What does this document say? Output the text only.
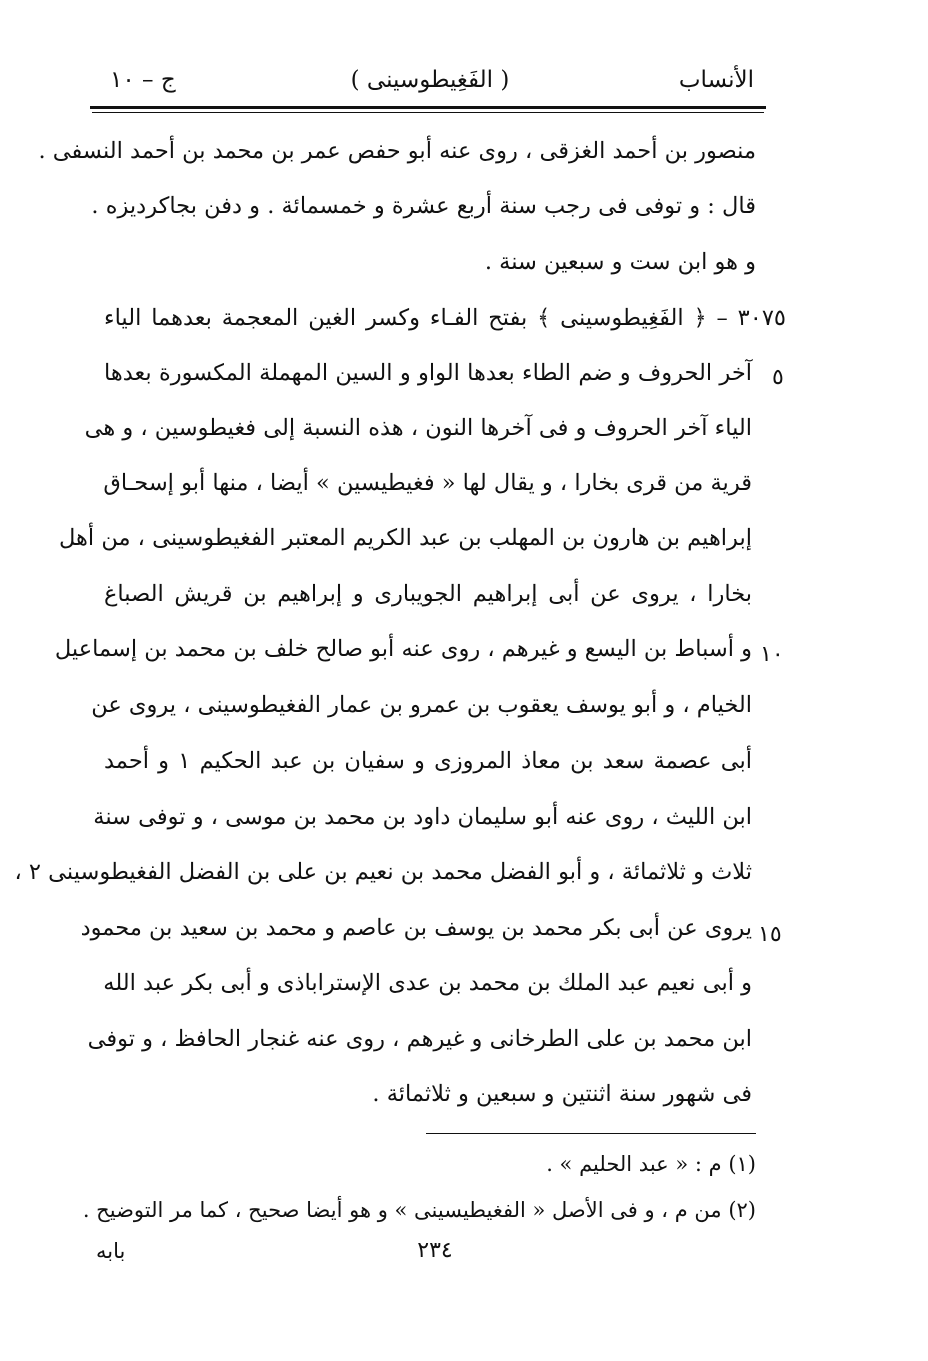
الأنساب
( الفَغِيطوسينى )
ج – ١٠
منصور بن أحمد الغزقى ، روى عنه أبو حفص عمر بن محمد بن أحمد النسفى .
قال : و توفى فى رجب سنة أربع عشرة و خمسمائة . و دفن بجاكرديزه .
و هو ابن ست و سبعين سنة .
٣٠٧٥ – ﴿ الفَغِيطوسينى ﴾ بفتح الفـاء وكسر الغين المعجمة بعدهما الياء
آخر الحروف و ضم الطاء بعدها الواو و السين المهملة المكسورة بعدها
الياء آخر الحروف و فى آخرها النون ، هذه النسبة إلى فغيطوسين ، و هى
قرية من قرى بخارا ، و يقال لها « فغيطيسين » أيضا ، منها أبو إسحـاق
إبراهيم بن هارون بن المهلب بن عبد الكريم المعتبر الفغيطوسينى ، من أهل
بخارا ، يروى عن أبى إبراهيم الجويبارى و إبراهيم بن قريش الصباغ
و أسباط بن اليسع و غيرهم ، روى عنه أبو صالح خلف بن محمد بن إسماعيل
الخيام ، و أبو يوسف يعقوب بن عمرو بن عمار الفغيطوسينى ، يروى عن
أبى عصمة سعد بن معاذ المروزى و سفيان بن عبد الحكيم ١ و أحمد
ابن الليث ، روى عنه أبو سليمان داود بن محمد بن موسى ، و توفى سنة
ثلاث و ثلاثمائة ، و أبو الفضل محمد بن نعيم بن على بن الفضل الفغيطوسينى ٢ ،
يروى عن أبى بكر محمد بن يوسف بن عاصم و محمد بن سعيد بن محمود
و أبى نعيم عبد الملك بن محمد بن عدى الإستراباذى و أبى بكر عبد الله
ابن محمد بن على الطرخانى و غيرهم ، روى عنه غنجار الحافظ ، و توفى
فى شهور سنة اثنتين و سبعين و ثلاثمائة .
٥
١٠
١٥
(١) م : « عبد الحليم » .
(٢) من م ، و فى الأصل « الفغيطيسينى » و هو أيضا صحيح ، كما مر التوضيح .
٢٣٤
بابه
